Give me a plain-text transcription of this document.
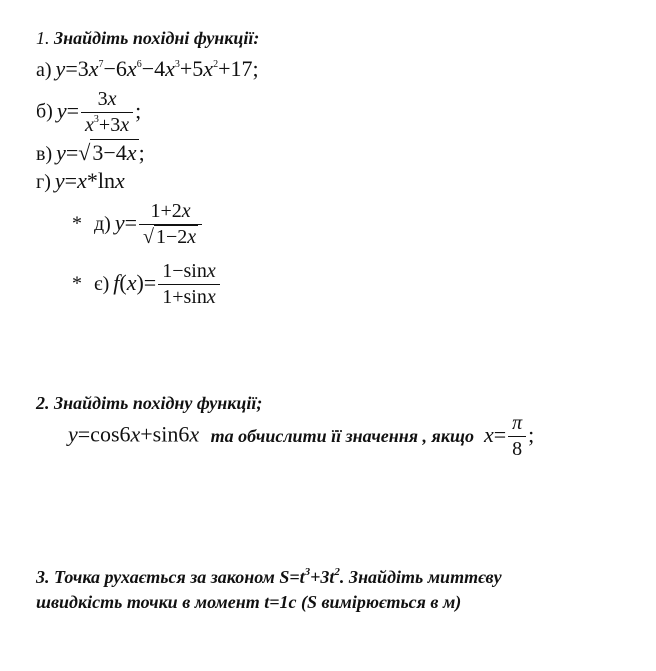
1. Знайдіть похідні функції:
а) $y=3x^7-6x^6-4x^3+5x^2+17$;
б) $y= \frac{3x}{x^3+3x}$ ;
в) y=√3−4x;
г) y=x*lnx
* д) $y= \frac{1+2x}{√ 1-2x}$
* є) $f(x)= \frac{1-\sin x}{1+\sin x}$
2. Знайдіть похідну функції;
y=cos6x+sin6x та обчислити її значення , якщо $x= \frac{\pi}{8}$ ;
3. Точка рухається за законом $S=t^3+3t^2$. Знайдіть миттєву
швидкість точки в момент t=1с (S вимірюється в м)
